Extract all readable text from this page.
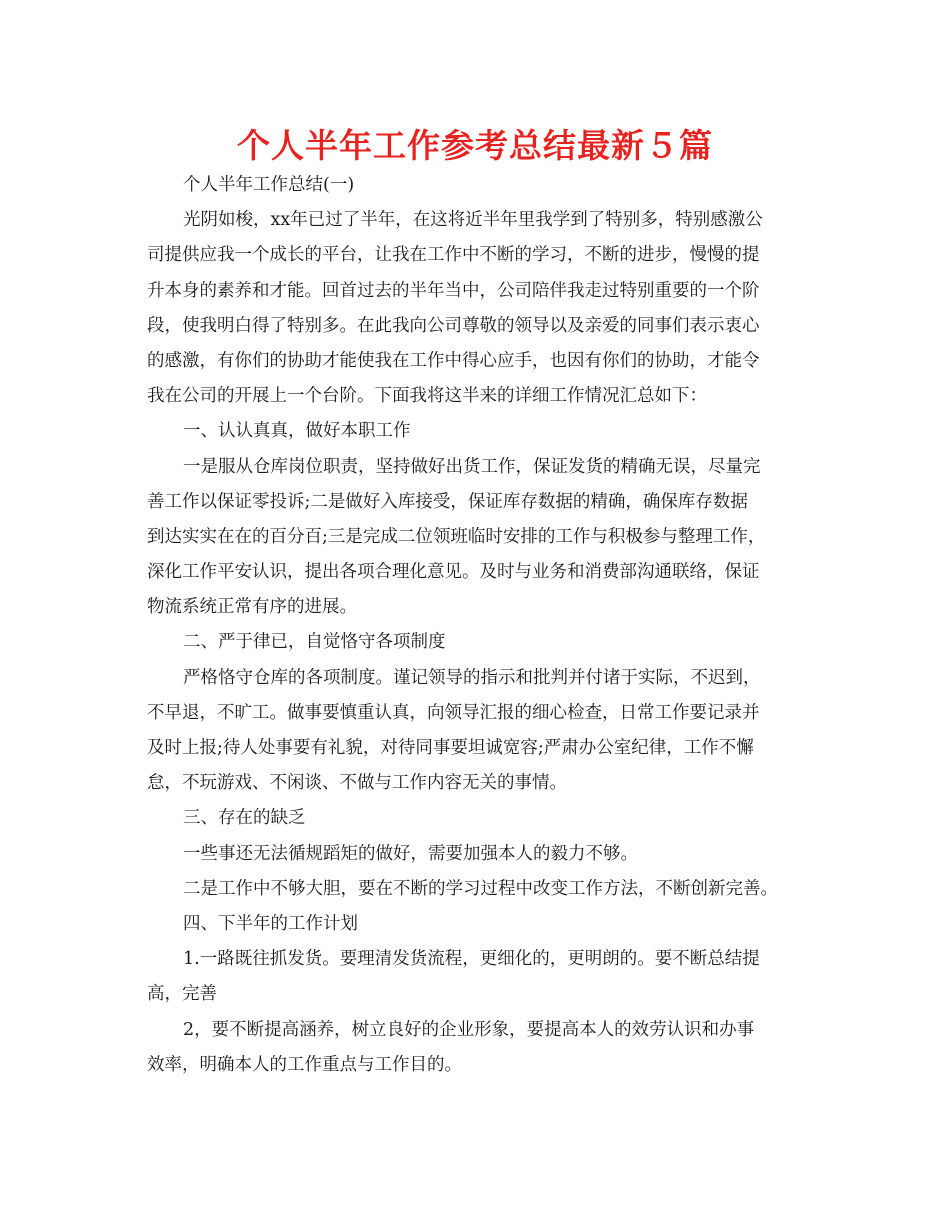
个人半年工作参考总结最新５篇

个人半年工作总结(一)

光阴如梭，xx年已过了半年，在这将近半年里我学到了特别多，特别感激公

司提供应我一个成长的平台，让我在工作中不断的学习，不断的进步，慢慢的提

升本身的素养和才能。回首过去的半年当中，公司陪伴我走过特别重要的一个阶

段，使我明白得了特别多。在此我向公司尊敬的领导以及亲爱的同事们表示衷心

的感激，有你们的协助才能使我在工作中得心应手，也因有你们的协助，才能令

我在公司的开展上一个台阶。下面我将这半来的详细工作情况汇总如下：

一、认认真真，做好本职工作

一是服从仓库岗位职责，坚持做好出货工作，保证发货的精确无误，尽量完

善工作以保证零投诉;二是做好入库接受，保证库存数据的精确，确保库存数据

到达实实在在的百分百;三是完成二位领班临时安排的工作与积极参与整理工作，

深化工作平安认识，提出各项合理化意见。及时与业务和消费部沟通联络，保证

物流系统正常有序的进展。

二、严于律已，自觉恪守各项制度

严格恪守仓库的各项制度。谨记领导的指示和批判并付诸于实际，不迟到，

不早退，不旷工。做事要慎重认真，向领导汇报的细心检查，日常工作要记录并

及时上报;待人处事要有礼貌，对待同事要坦诚宽容;严肃办公室纪律，工作不懈

怠，不玩游戏、不闲谈、不做与工作内容无关的事情。

三、存在的缺乏

一些事还无法循规蹈矩的做好，需要加强本人的毅力不够。

二是工作中不够大胆，要在不断的学习过程中改变工作方法，不断创新完善。

四、下半年的工作计划

1.一路既往抓发货。要理清发货流程，更细化的，更明朗的。要不断总结提

高，完善

2，要不断提高涵养，树立良好的企业形象，要提高本人的效劳认识和办事

效率，明确本人的工作重点与工作目的。
